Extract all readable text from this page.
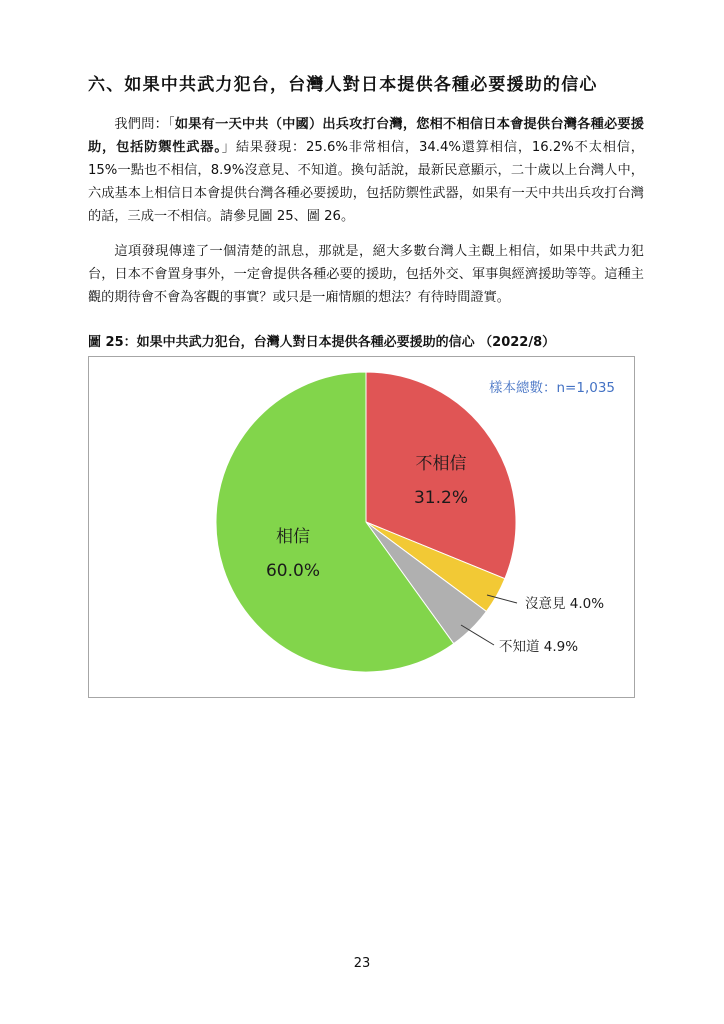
六、如果中共武力犯台，台灣人對日本提供各種必要援助的信心
我們問：「如果有一天中共（中國）出兵攻打台灣，您相不相信日本會提供台灣各種必要援助，包括防禦性武器。」結果發現：25.6%非常相信，34.4%還算相信，16.2%不太相信，15%一點也不相信，8.9%沒意見、不知道。換句話說，最新民意顯示，二十歲以上台灣人中，六成基本上相信日本會提供台灣各種必要援助，包括防禦性武器，如果有一天中共出兵攻打台灣的話，三成一不相信。請參見圖 25、圖 26。
這項發現傳達了一個清楚的訊息，那就是，絕大多數台灣人主觀上相信，如果中共武力犯台，日本不會置身事外，一定會提供各種必要的援助，包括外交、軍事與經濟援助等等。這種主觀的期待會不會為客觀的事實？或只是一廂情願的想法？有待時間證實。
圖 25：如果中共武力犯台，台灣人對日本提供各種必要援助的信心 （2022/8）
不相信
31.2%
相信
60.0%
沒意見 4.0%
不知道 4.9%
樣本總數：n=1,035
23
